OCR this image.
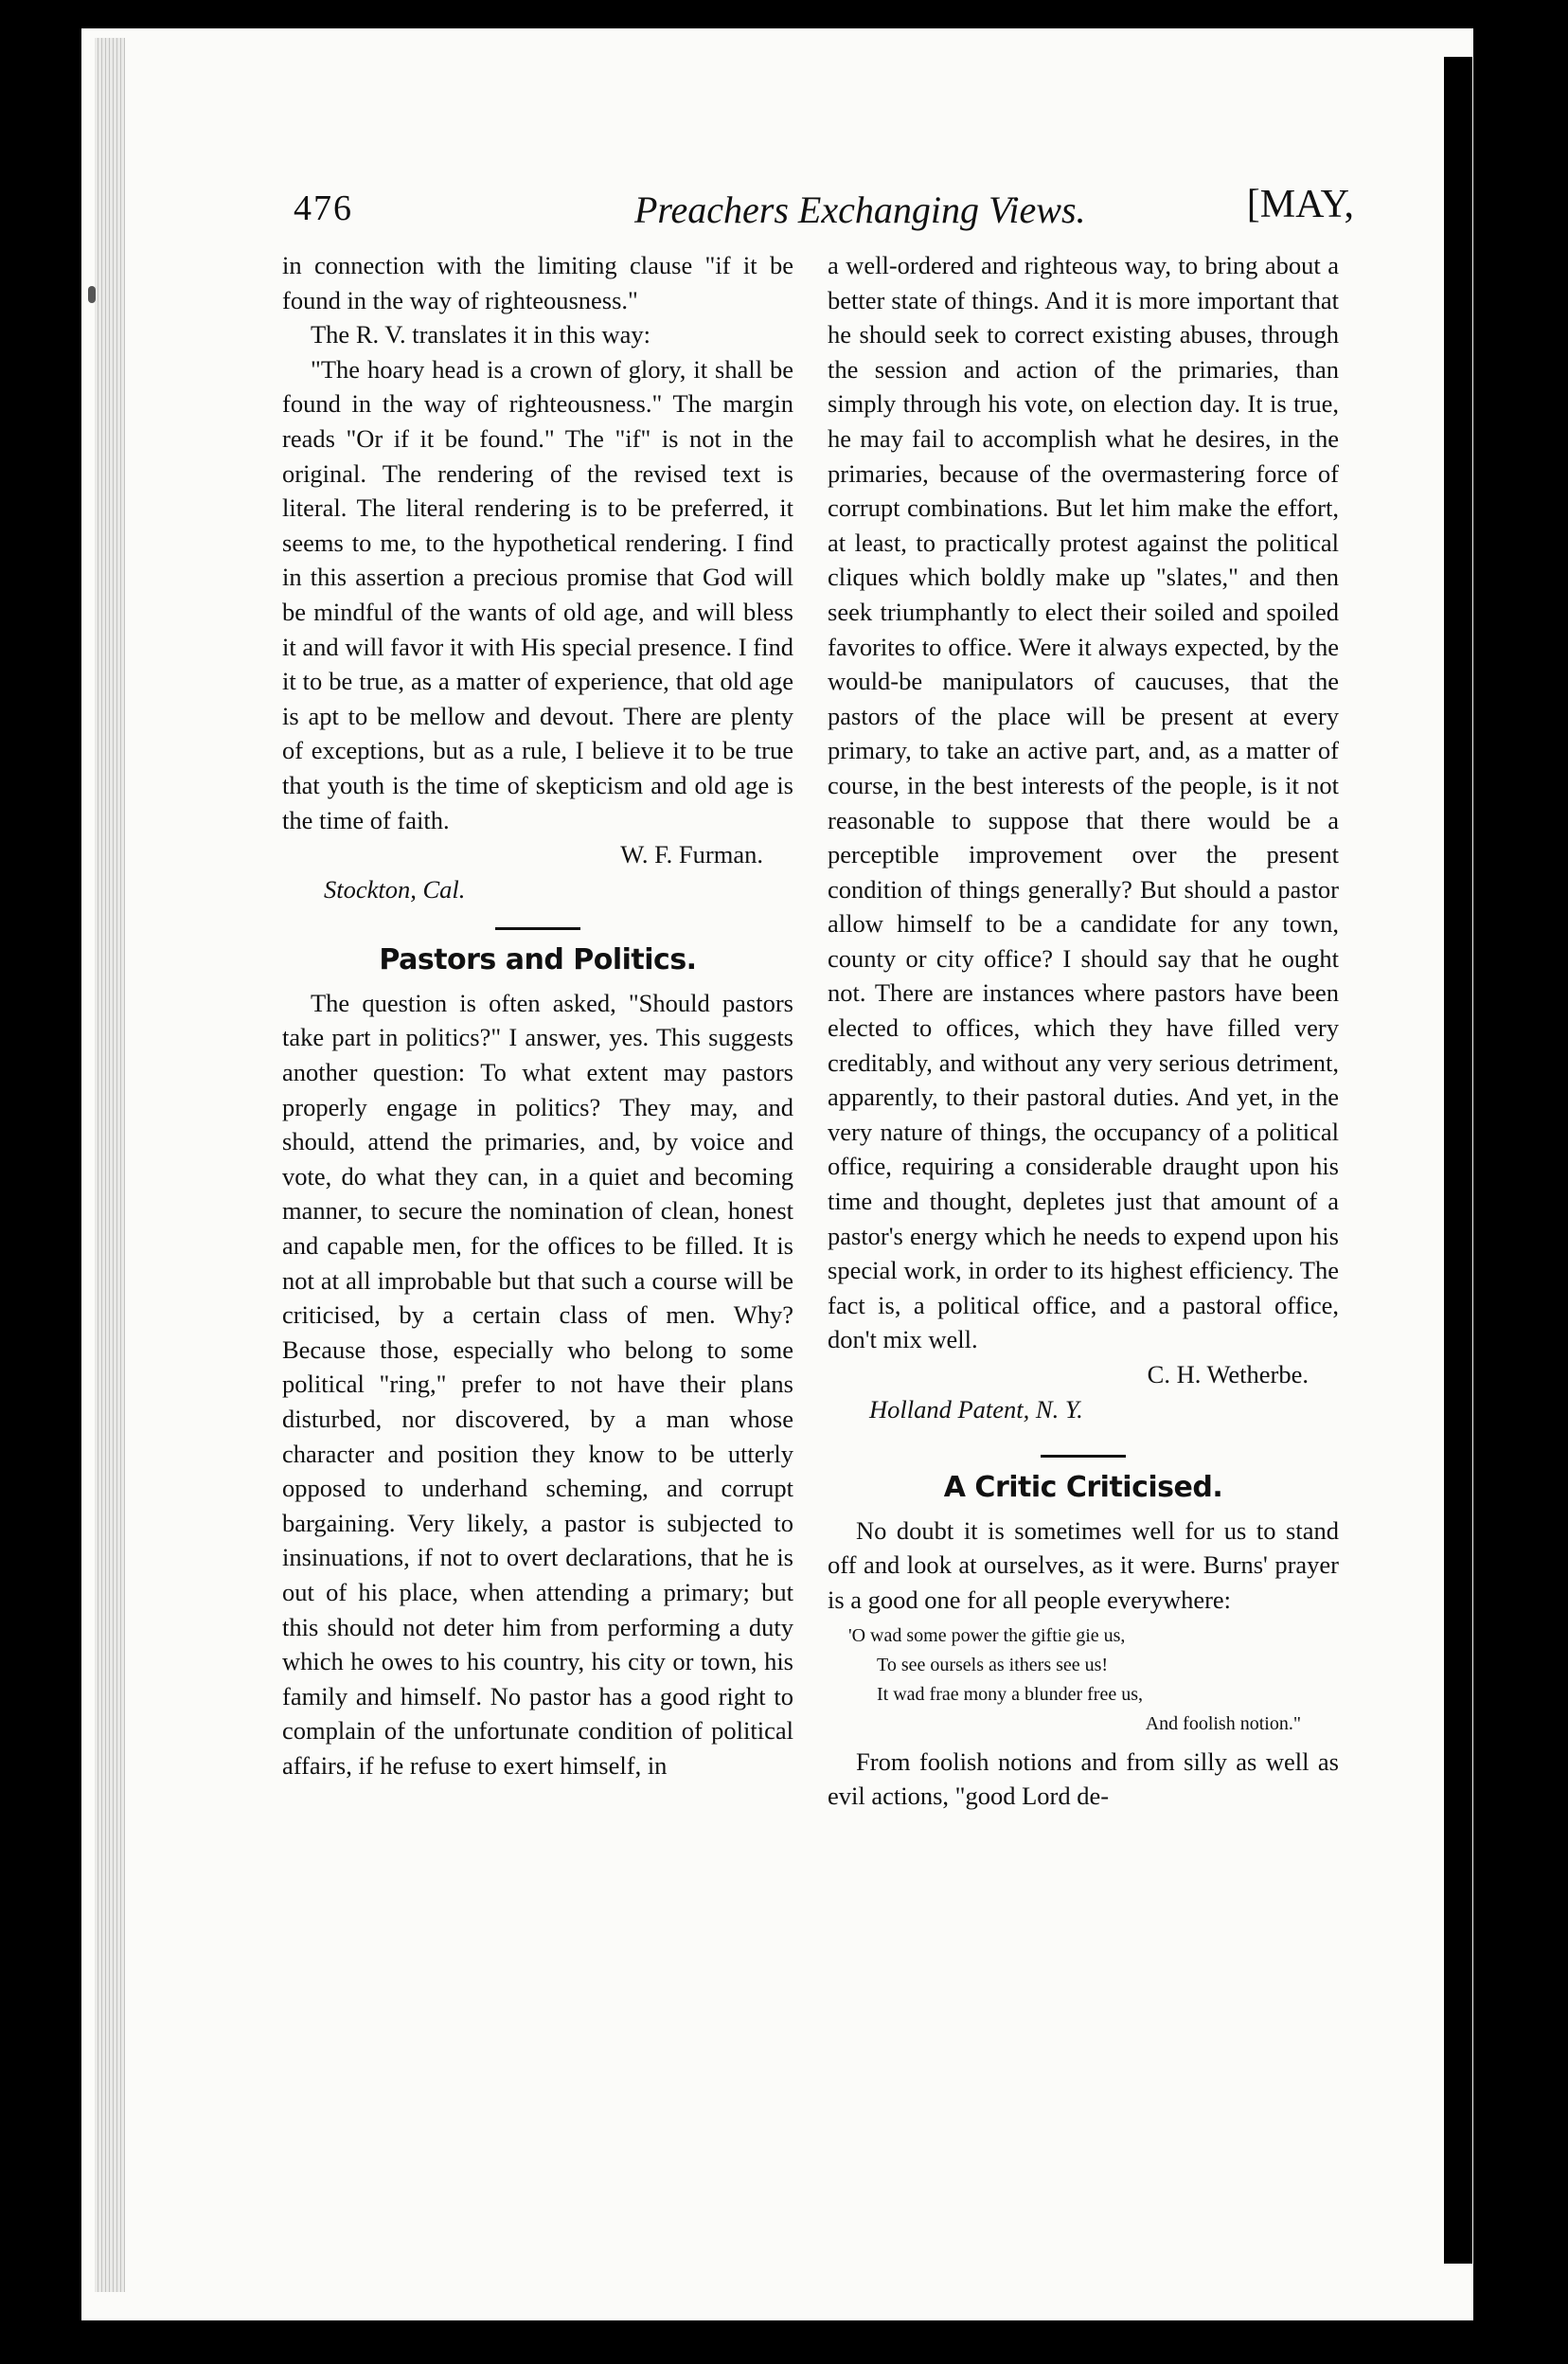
476	Preachers Exchanging Views.	[MAY,

in connection with the limiting clause "if it be found in the way of righteousness."

The R. V. translates it in this way:

"The hoary head is a crown of glory, it shall be found in the way of righteousness." The margin reads "Or if it be found." The "if" is not in the original. The rendering of the revised text is literal. The literal rendering is to be preferred, it seems to me, to the hypothetical rendering. I find in this assertion a precious promise that God will be mindful of the wants of old age, and will bless it and will favor it with His special presence. I find it to be true, as a matter of experience, that old age is apt to be mellow and devout. There are plenty of exceptions, but as a rule, I believe it to be true that youth is the time of skepticism and old age is the time of faith.

W. F. Furman.

Stockton, Cal.

Pastors and Politics.

The question is often asked, "Should pastors take part in politics?" I answer, yes. This suggests another question: To what extent may pastors properly engage in politics? They may, and should, attend the primaries, and, by voice and vote, do what they can, in a quiet and becoming manner, to secure the nomination of clean, honest and capable men, for the offices to be filled. It is not at all improbable but that such a course will be criticised, by a certain class of men. Why? Because those, especially who belong to some political "ring," prefer to not have their plans disturbed, nor discovered, by a man whose character and position they know to be utterly opposed to underhand scheming, and corrupt bargaining. Very likely, a pastor is subjected to insinuations, if not to overt declarations, that he is out of his place, when attending a primary; but this should not deter him from performing a duty which he owes to his country, his city or town, his family and himself. No pastor has a good right to complain of the unfortunate condition of political affairs, if he refuse to exert himself, in

a well-ordered and righteous way, to bring about a better state of things. And it is more important that he should seek to correct existing abuses, through the session and action of the primaries, than simply through his vote, on election day. It is true, he may fail to accomplish what he desires, in the primaries, because of the overmastering force of corrupt combinations. But let him make the effort, at least, to practically protest against the political cliques which boldly make up "slates," and then seek triumphantly to elect their soiled and spoiled favorites to office. Were it always expected, by the would-be manipulators of caucuses, that the pastors of the place will be present at every primary, to take an active part, and, as a matter of course, in the best interests of the people, is it not reasonable to suppose that there would be a perceptible improvement over the present condition of things generally? But should a pastor allow himself to be a candidate for any town, county or city office? I should say that he ought not. There are instances where pastors have been elected to offices, which they have filled very creditably, and without any very serious detriment, apparently, to their pastoral duties. And yet, in the very nature of things, the occupancy of a political office, requiring a considerable draught upon his time and thought, depletes just that amount of a pastor's energy which he needs to expend upon his special work, in order to its highest efficiency. The fact is, a political office, and a pastoral office, don't mix well.

C. H. Wetherbe.

Holland Patent, N. Y.

A Critic Criticised.

No doubt it is sometimes well for us to stand off and look at ourselves, as it were. Burns' prayer is a good one for all people everywhere:

'O wad some power the giftie gie us,
To see oursels as ithers see us!
It wad frae mony a blunder free us,
And foolish notion."

From foolish notions and from silly as well as evil actions, "good Lord de-
